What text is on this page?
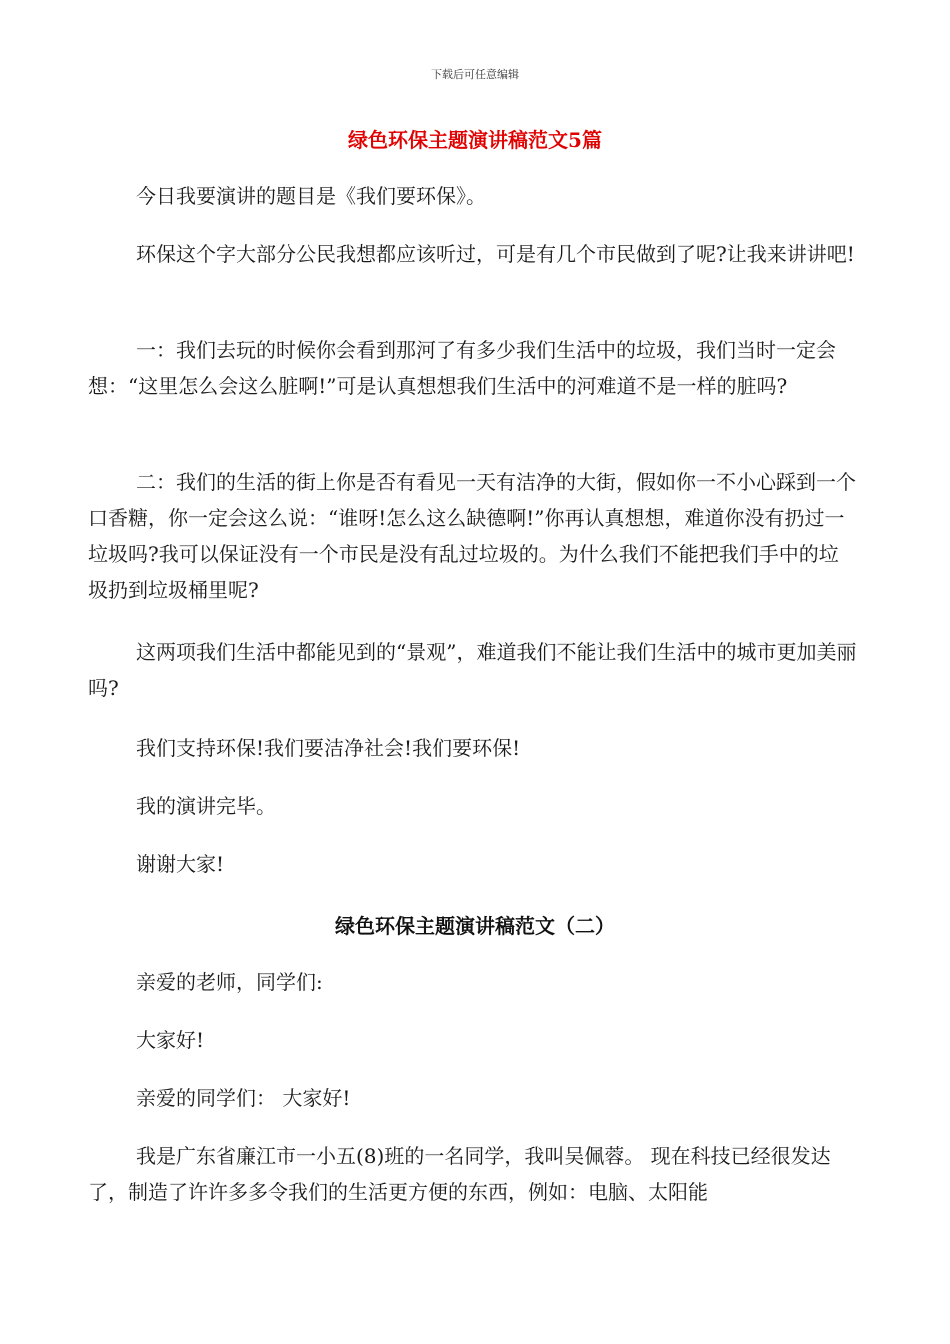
下载后可任意编辑
绿色环保主题演讲稿范文5篇

今日我要演讲的题目是《我们要环保》。

环保这个字大部分公民我想都应该听过，可是有几个市民做到了呢?让我来讲讲吧!

一：我们去玩的时候你会看到那河了有多少我们生活中的垃圾，我们当时一定会想：“这里怎么会这么脏啊!”可是认真想想我们生活中的河难道不是一样的脏吗?

二：我们的生活的街上你是否有看见一天有洁净的大街，假如你一不小心踩到一个口香糖，你一定会这么说：“谁呀!怎么这么缺德啊!”你再认真想想，难道你没有扔过一垃圾吗?我可以保证没有一个市民是没有乱过垃圾的。为什么我们不能把我们手中的垃圾扔到垃圾桶里呢?

这两项我们生活中都能见到的“景观”，难道我们不能让我们生活中的城市更加美丽吗?

我们支持环保!我们要洁净社会!我们要环保!

我的演讲完毕。

谢谢大家!

绿色环保主题演讲稿范文（二）

亲爱的老师，同学们:

大家好!

亲爱的同学们： 大家好!

我是广东省廉江市一小五(8)班的一名同学，我叫吴佩蓉。 现在科技已经很发达了，制造了许许多多令我们的生活更方便的东西，例如：电脑、太阳能
